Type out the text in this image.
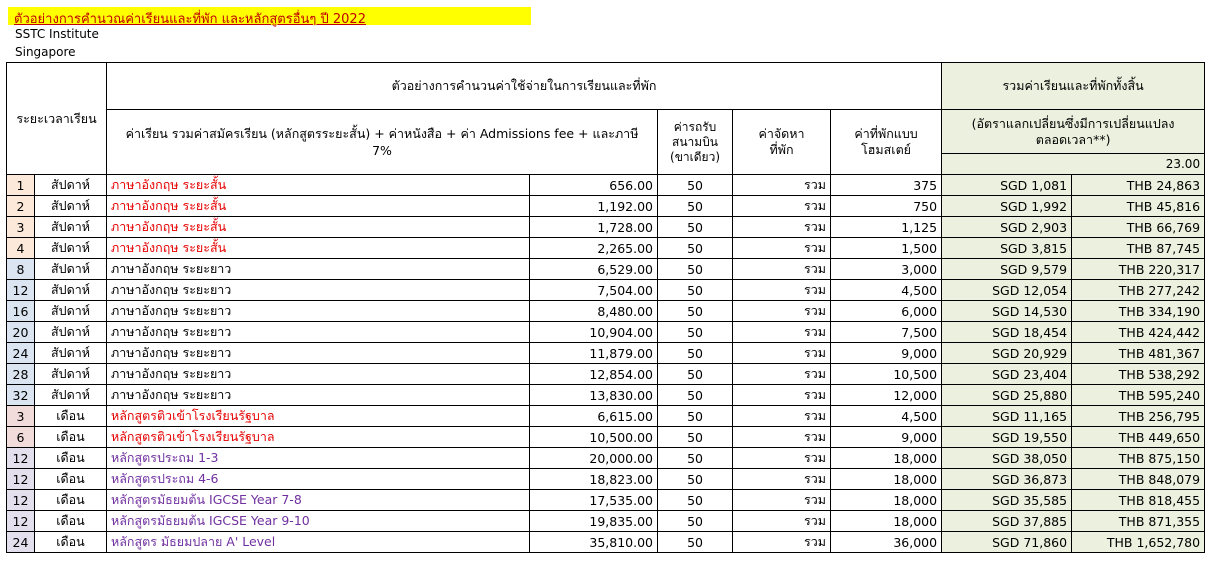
ตัวอย่างการคำนวณค่าเรียนและที่พัก และหลักสูตรอื่นๆ ปี 2022
SSTC Institute
Singapore
ระยะเวลาเรียน		ตัวอย่างการคำนวนค่าใช้จ่ายในการเรียนและที่พัก						รวมค่าเรียนและที่พักทั้งสิ้น	
		ค่าเรียน รวมค่าสมัครเรียน (หลักสูตรระยะสั้น) + ค่าหนังสือ + ค่า Admissions fee + และภาษี 7%			ค่ารถรับสนามบิน (ขาเดียว)	ค่าจัดหาที่พัก	ค่าที่พักแบบโฮมสเตย์	(อัตราแลกเปลี่ยนซึ่งมีการเปลี่ยนแปลงตลอดเวลา**)	
								23.00	
1	สัปดาห์	ภาษาอังกฤษ ระยะสั้น		656.00	50	รวม	375	SGD 1,081	THB 24,863
2	สัปดาห์	ภาษาอังกฤษ ระยะสั้น		1,192.00	50	รวม	750	SGD 1,992	THB 45,816
3	สัปดาห์	ภาษาอังกฤษ ระยะสั้น		1,728.00	50	รวม	1,125	SGD 2,903	THB 66,769
4	สัปดาห์	ภาษาอังกฤษ ระยะสั้น		2,265.00	50	รวม	1,500	SGD 3,815	THB 87,745
8	สัปดาห์	ภาษาอังกฤษ ระยะยาว		6,529.00	50	รวม	3,000	SGD 9,579	THB 220,317
12	สัปดาห์	ภาษาอังกฤษ ระยะยาว		7,504.00	50	รวม	4,500	SGD 12,054	THB 277,242
16	สัปดาห์	ภาษาอังกฤษ ระยะยาว		8,480.00	50	รวม	6,000	SGD 14,530	THB 334,190
20	สัปดาห์	ภาษาอังกฤษ ระยะยาว		10,904.00	50	รวม	7,500	SGD 18,454	THB 424,442
24	สัปดาห์	ภาษาอังกฤษ ระยะยาว		11,879.00	50	รวม	9,000	SGD 20,929	THB 481,367
28	สัปดาห์	ภาษาอังกฤษ ระยะยาว		12,854.00	50	รวม	10,500	SGD 23,404	THB 538,292
32	สัปดาห์	ภาษาอังกฤษ ระยะยาว		13,830.00	50	รวม	12,000	SGD 25,880	THB 595,240
3	เดือน	หลักสูตรติวเข้าโรงเรียนรัฐบาล		6,615.00	50	รวม	4,500	SGD 11,165	THB 256,795
6	เดือน	หลักสูตรติวเข้าโรงเรียนรัฐบาล		10,500.00	50	รวม	9,000	SGD 19,550	THB 449,650
12	เดือน	หลักสูตรประถม 1-3		20,000.00	50	รวม	18,000	SGD 38,050	THB 875,150
12	เดือน	หลักสูตรประถม 4-6		18,823.00	50	รวม	18,000	SGD 36,873	THB 848,079
12	เดือน	หลักสูตรมัธยมต้น IGCSE Year 7-8		17,535.00	50	รวม	18,000	SGD 35,585	THB 818,455
12	เดือน	หลักสูตรมัธยมต้น IGCSE Year 9-10		19,835.00	50	รวม	18,000	SGD 37,885	THB 871,355
24	เดือน	หลักสูตร มัธยมปลาย A' Level		35,810.00	50	รวม	36,000	SGD 71,860	THB 1,652,780
